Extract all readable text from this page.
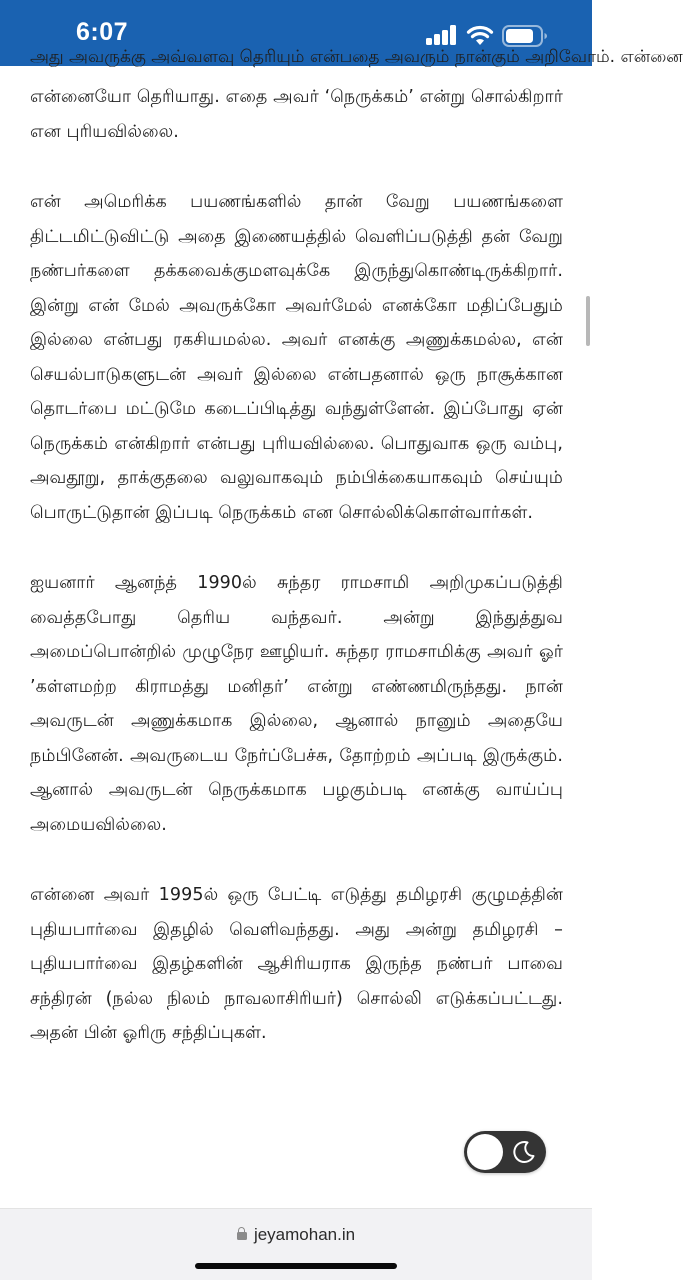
6:07
அது அவருக்கு அவ்வளவு தெரியும் என்பதை அவரும் நான்கும் அறிவோம். என்னை

என்னையோ தெரியாது. எதை அவர் ‘நெருக்கம்’ என்று சொல்கிறார் என புரியவில்லை.

என் அமெரிக்க பயணங்களில் தான் வேறு பயணங்களை திட்டமிட்டுவிட்டு அதை இணையத்தில் வெளிப்படுத்தி தன் வேறு நண்பர்களை தக்கவைக்குமளவுக்கே இருந்துகொண்டிருக்கிறார். இன்று என் மேல் அவருக்கோ அவர்மேல் எனக்கோ மதிப்பேதும் இல்லை என்பது ரகசியமல்ல. அவர் எனக்கு அணுக்கமல்ல, என் செயல்பாடுகளுடன் அவர் இல்லை என்பதனால் ஒரு நாசூக்கான தொடர்பை மட்டுமே கடைப்பிடித்து வந்துள்ளேன். இப்போது ஏன் நெருக்கம் என்கிறார் என்பது புரியவில்லை. பொதுவாக ஒரு வம்பு, அவதூறு, தாக்குதலை வலுவாகவும் நம்பிக்கையாகவும் செய்யும் பொருட்டுதான் இப்படி நெருக்கம் என சொல்லிக்கொள்வார்கள்.

ஐயனார் ஆனந்த் 1990ல் சுந்தர ராமசாமி அறிமுகப்படுத்தி வைத்தபோது தெரிய வந்தவர். அன்று இந்துத்துவ அமைப்பொன்றில் முழுநேர ஊழியர். சுந்தர ராமசாமிக்கு அவர் ஓர் ’கள்ளமற்ற கிராமத்து மனிதர்’ என்று எண்ணமிருந்தது. நான் அவருடன் அணுக்கமாக இல்லை, ஆனால் நானும் அதையே நம்பினேன். அவருடைய நேர்ப்பேச்சு, தோற்றம் அப்படி இருக்கும். ஆனால் அவருடன் நெருக்கமாக பழகும்படி எனக்கு வாய்ப்பு அமையவில்லை.

என்னை அவர் 1995ல் ஒரு பேட்டி எடுத்து தமிழரசி குழுமத்தின் புதியபார்வை இதழில் வெளிவந்தது. அது அன்று தமிழரசி – புதியபார்வை இதழ்களின் ஆசிரியராக இருந்த நண்பர் பாவை சந்திரன் (நல்ல நிலம் நாவலாசிரியர்) சொல்லி எடுக்கப்பட்டது. அதன் பின் ஓரிரு சந்திப்புகள்.

jeyamohan.in
